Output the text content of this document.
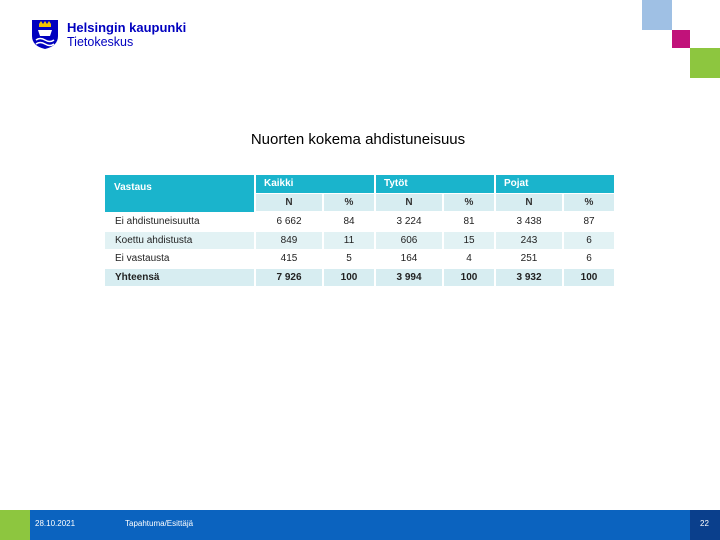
Helsingin kaupunki
Tietokeskus
Nuorten kokema ahdistuneisuus
Vastaus	Kaikki	Tytöt	Pojat
N	%	N	%	N	%
Ei ahdistuneisuutta	6 662	84	3 224	81	3 438	87
Koettu ahdistusta	849	11	606	15	243	6
Ei vastausta	415	5	164	4	251	6
Yhteensä	7 926	100	3 994	100	3 932	100
28.10.2021	Tapahtuma/Esittäjä	22
